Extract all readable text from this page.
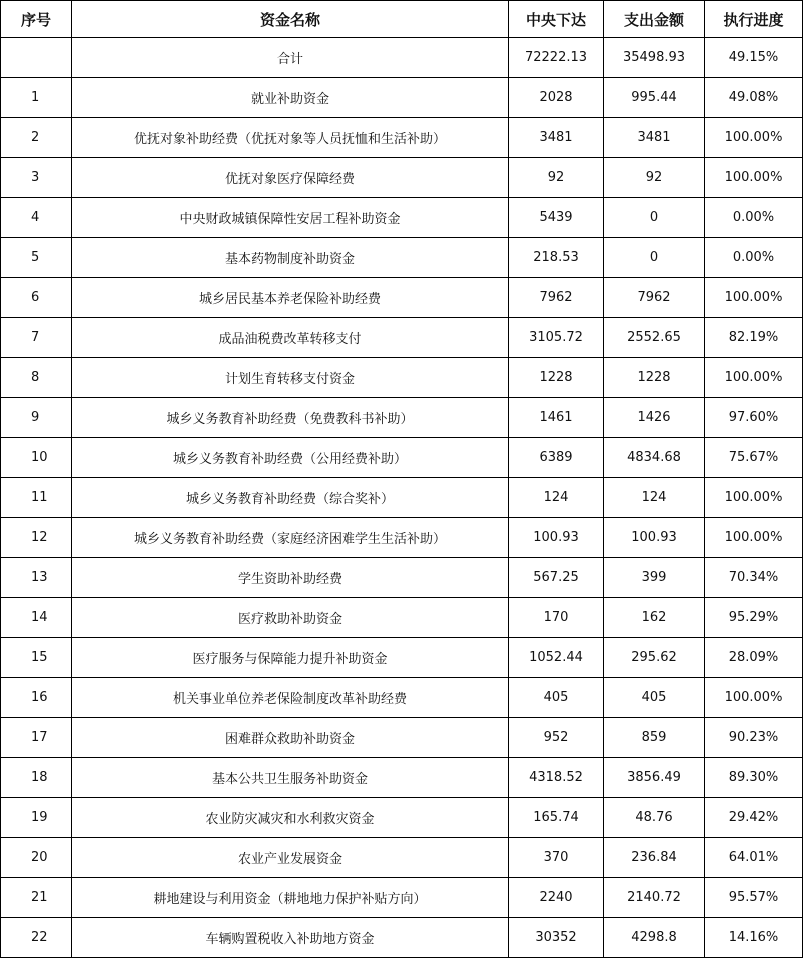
序号	资金名称	中央下达	支出金额	执行进度
	合计	72222.13	35498.93	49.15%
1	就业补助资金	2028	995.44	49.08%
2	优抚对象补助经费（优抚对象等人员抚恤和生活补助）	3481	3481	100.00%
3	优抚对象医疗保障经费	92	92	100.00%
4	中央财政城镇保障性安居工程补助资金	5439	0	0.00%
5	基本药物制度补助资金	218.53	0	0.00%
6	城乡居民基本养老保险补助经费	7962	7962	100.00%
7	成品油税费改革转移支付	3105.72	2552.65	82.19%
8	计划生育转移支付资金	1228	1228	100.00%
9	城乡义务教育补助经费（免费教科书补助）	1461	1426	97.60%
10	城乡义务教育补助经费（公用经费补助）	6389	4834.68	75.67%
11	城乡义务教育补助经费（综合奖补）	124	124	100.00%
12	城乡义务教育补助经费（家庭经济困难学生生活补助）	100.93	100.93	100.00%
13	学生资助补助经费	567.25	399	70.34%
14	医疗救助补助资金	170	162	95.29%
15	医疗服务与保障能力提升补助资金	1052.44	295.62	28.09%
16	机关事业单位养老保险制度改革补助经费	405	405	100.00%
17	困难群众救助补助资金	952	859	90.23%
18	基本公共卫生服务补助资金	4318.52	3856.49	89.30%
19	农业防灾减灾和水利救灾资金	165.74	48.76	29.42%
20	农业产业发展资金	370	236.84	64.01%
21	耕地建设与利用资金（耕地地力保护补贴方向）	2240	2140.72	95.57%
22	车辆购置税收入补助地方资金	30352	4298.8	14.16%
